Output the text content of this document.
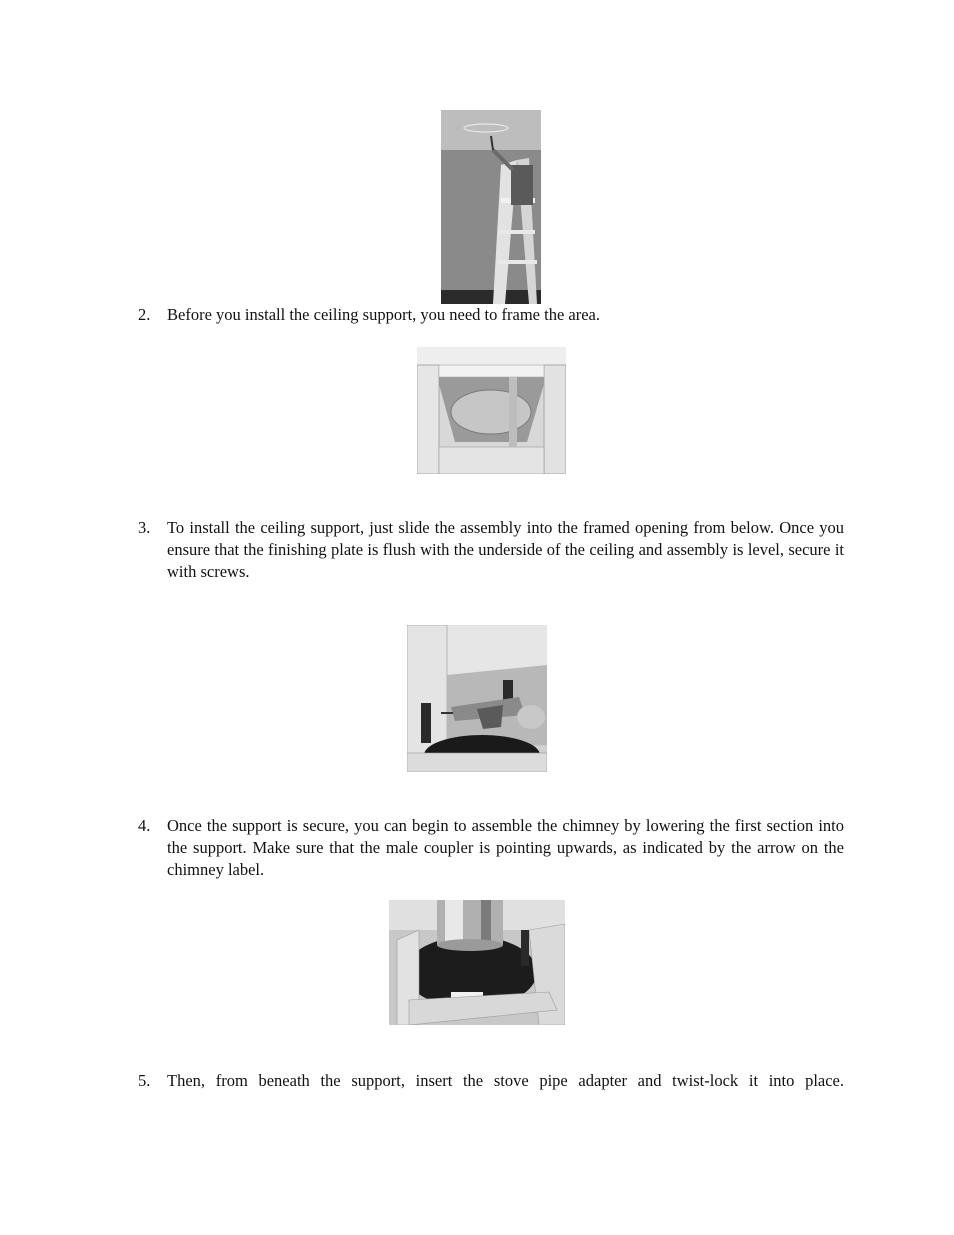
2. Before you install the ceiling support, you need to frame the area.
3. To install the ceiling support, just slide the assembly into the framed opening from below. Once you ensure that the finishing plate is flush with the underside of the ceiling and assembly is level, secure it with screws.
4. Once the support is secure, you can begin to assemble the chimney by lowering the first section into the support. Make sure that the male coupler is pointing upwards, as indicated by the arrow on the chimney label.
5. Then, from beneath the support, insert the stove pipe adapter and twist-lock it into place.
